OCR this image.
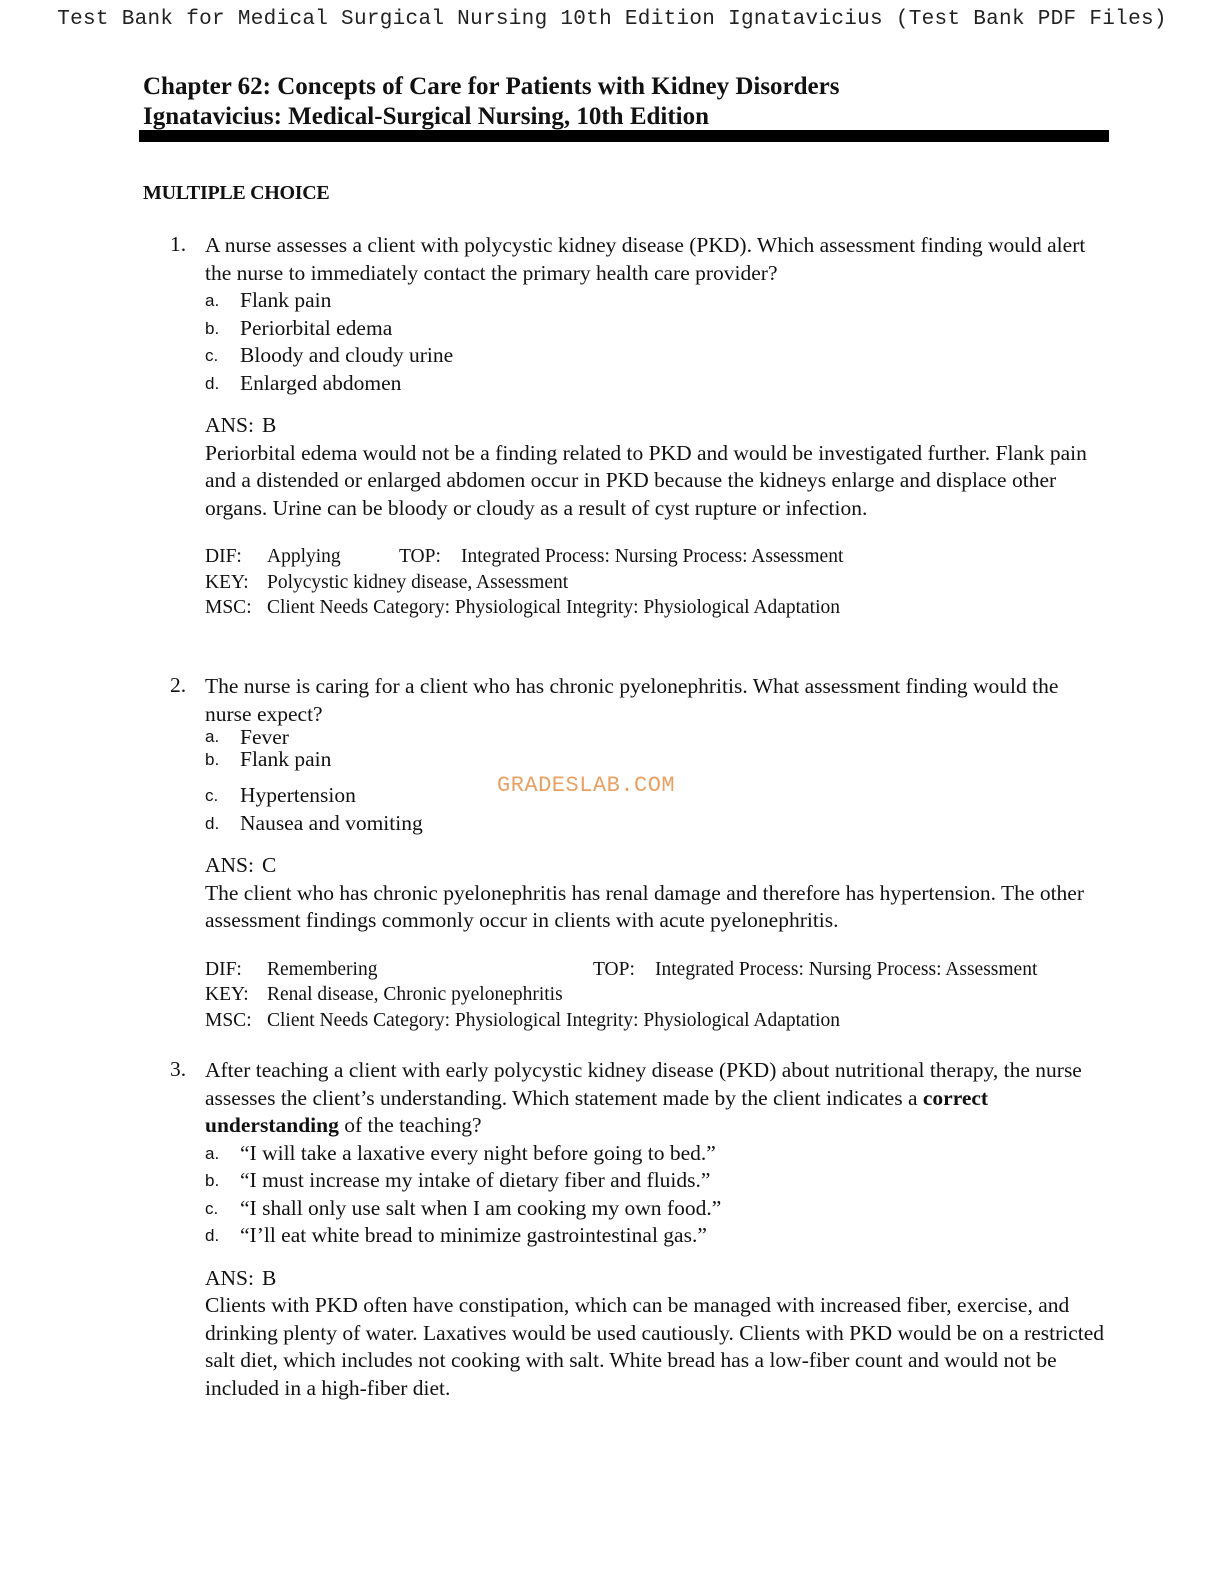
Test Bank for Medical Surgical Nursing 10th Edition Ignatavicius (Test Bank PDF Files)
Chapter 62: Concepts of Care for Patients with Kidney Disorders
Ignatavicius: Medical-Surgical Nursing, 10th Edition
MULTIPLE CHOICE
1. A nurse assesses a client with polycystic kidney disease (PKD). Which assessment finding would alert the nurse to immediately contact the primary health care provider?
a. Flank pain
b. Periorbital edema
c. Bloody and cloudy urine
d. Enlarged abdomen
ANS: B
Periorbital edema would not be a finding related to PKD and would be investigated further. Flank pain and a distended or enlarged abdomen occur in PKD because the kidneys enlarge and displace other organs. Urine can be bloody or cloudy as a result of cyst rupture or infection.
DIF: Applying	TOP: Integrated Process: Nursing Process: Assessment
KEY: Polycystic kidney disease, Assessment
MSC: Client Needs Category: Physiological Integrity: Physiological Adaptation
2. The nurse is caring for a client who has chronic pyelonephritis. What assessment finding would the nurse expect?
a. Fever
b. Flank pain
c. Hypertension
d. Nausea and vomiting
ANS: C
The client who has chronic pyelonephritis has renal damage and therefore has hypertension. The other assessment findings commonly occur in clients with acute pyelonephritis.
DIF: Remembering	TOP: Integrated Process: Nursing Process: Assessment
KEY: Renal disease, Chronic pyelonephritis
MSC: Client Needs Category: Physiological Integrity: Physiological Adaptation
3. After teaching a client with early polycystic kidney disease (PKD) about nutritional therapy, the nurse assesses the client’s understanding. Which statement made by the client indicates a correct understanding of the teaching?
a. “I will take a laxative every night before going to bed.”
b. “I must increase my intake of dietary fiber and fluids.”
c. “I shall only use salt when I am cooking my own food.”
d. “I’ll eat white bread to minimize gastrointestinal gas.”
ANS: B
Clients with PKD often have constipation, which can be managed with increased fiber, exercise, and drinking plenty of water. Laxatives would be used cautiously. Clients with PKD would be on a restricted salt diet, which includes not cooking with salt. White bread has a low-fiber count and would not be included in a high-fiber diet.
GRADESLAB.COM
